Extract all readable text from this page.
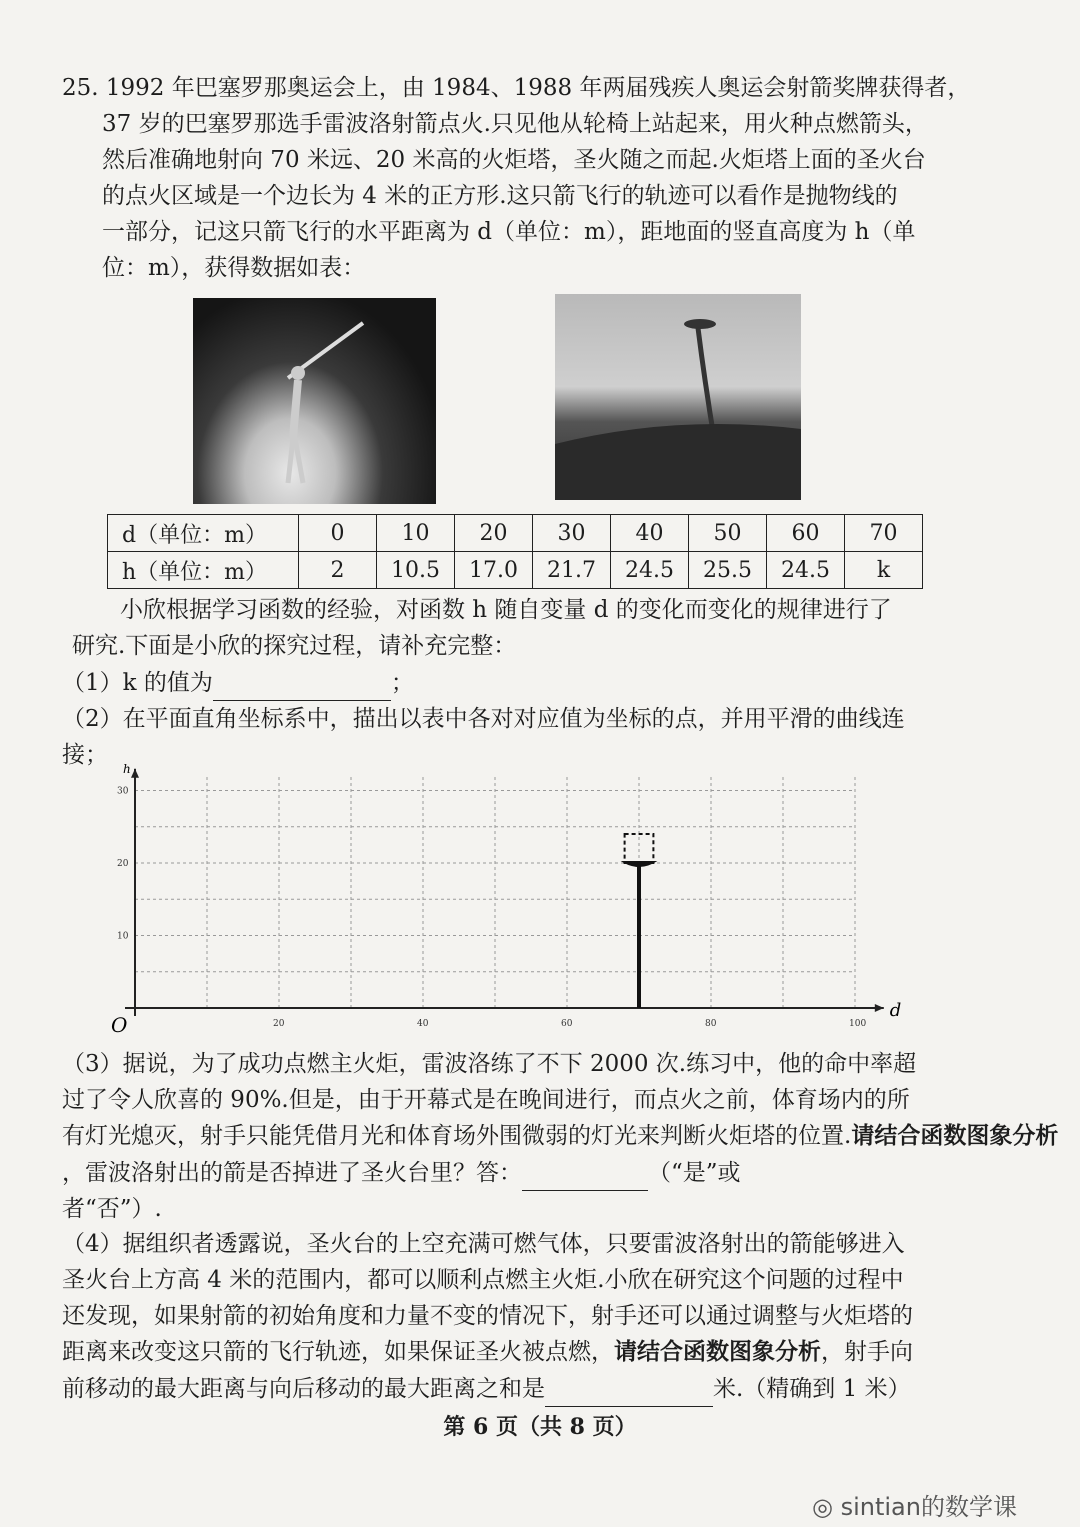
25. 1992 年巴塞罗那奥运会上，由 1984、1988 年两届残疾人奥运会射箭奖牌获得者，
37 岁的巴塞罗那选手雷波洛射箭点火.只见他从轮椅上站起来，用火种点燃箭头，
然后准确地射向 70 米远、20 米高的火炬塔，圣火随之而起.火炬塔上面的圣火台
的点火区域是一个边长为 4 米的正方形.这只箭飞行的轨迹可以看作是抛物线的
一部分，记这只箭飞行的水平距离为 d（单位：m），距地面的竖直高度为 h（单
位：m），获得数据如表：
d（单位：m）	0	10	20	30	40	50	60	70
h（单位：m）	2	10.5	17.0	21.7	24.5	25.5	24.5	k
小欣根据学习函数的经验，对函数 h 随自变量 d 的变化而变化的规律进行了
研究.下面是小欣的探究过程，请补充完整：
（1）k 的值为	；
（2）在平面直角坐标系中，描出以表中各对对应值为坐标的点，并用平滑的曲线连
接；
h
d
O	20	40	60	80	100
10
20
30
（3）据说，为了成功点燃主火炬，雷波洛练了不下 2000 次.练习中，他的命中率超
过了令人欣喜的 90%.但是，由于开幕式是在晚间进行，而点火之前，体育场内的所
有灯光熄灭，射手只能凭借月光和体育场外围微弱的灯光来判断火炬塔的位置.请结合函数图象分析
，雷波洛射出的箭是否掉进了圣火台里？答：	（“是”或
者“否”）.
（4）据组织者透露说，圣火台的上空充满可燃气体，只要雷波洛射出的箭能够进入
圣火台上方高 4 米的范围内，都可以顺利点燃主火炬.小欣在研究这个问题的过程中
还发现，如果射箭的初始角度和力量不变的情况下，射手还可以通过调整与火炬塔的
距离来改变这只箭的飞行轨迹，如果保证圣火被点燃，请结合函数图象分析，射手向
前移动的最大距离与向后移动的最大距离之和是	米.（精确到 1 米）
第 6 页（共 8 页）
◎ sintian的数学课
